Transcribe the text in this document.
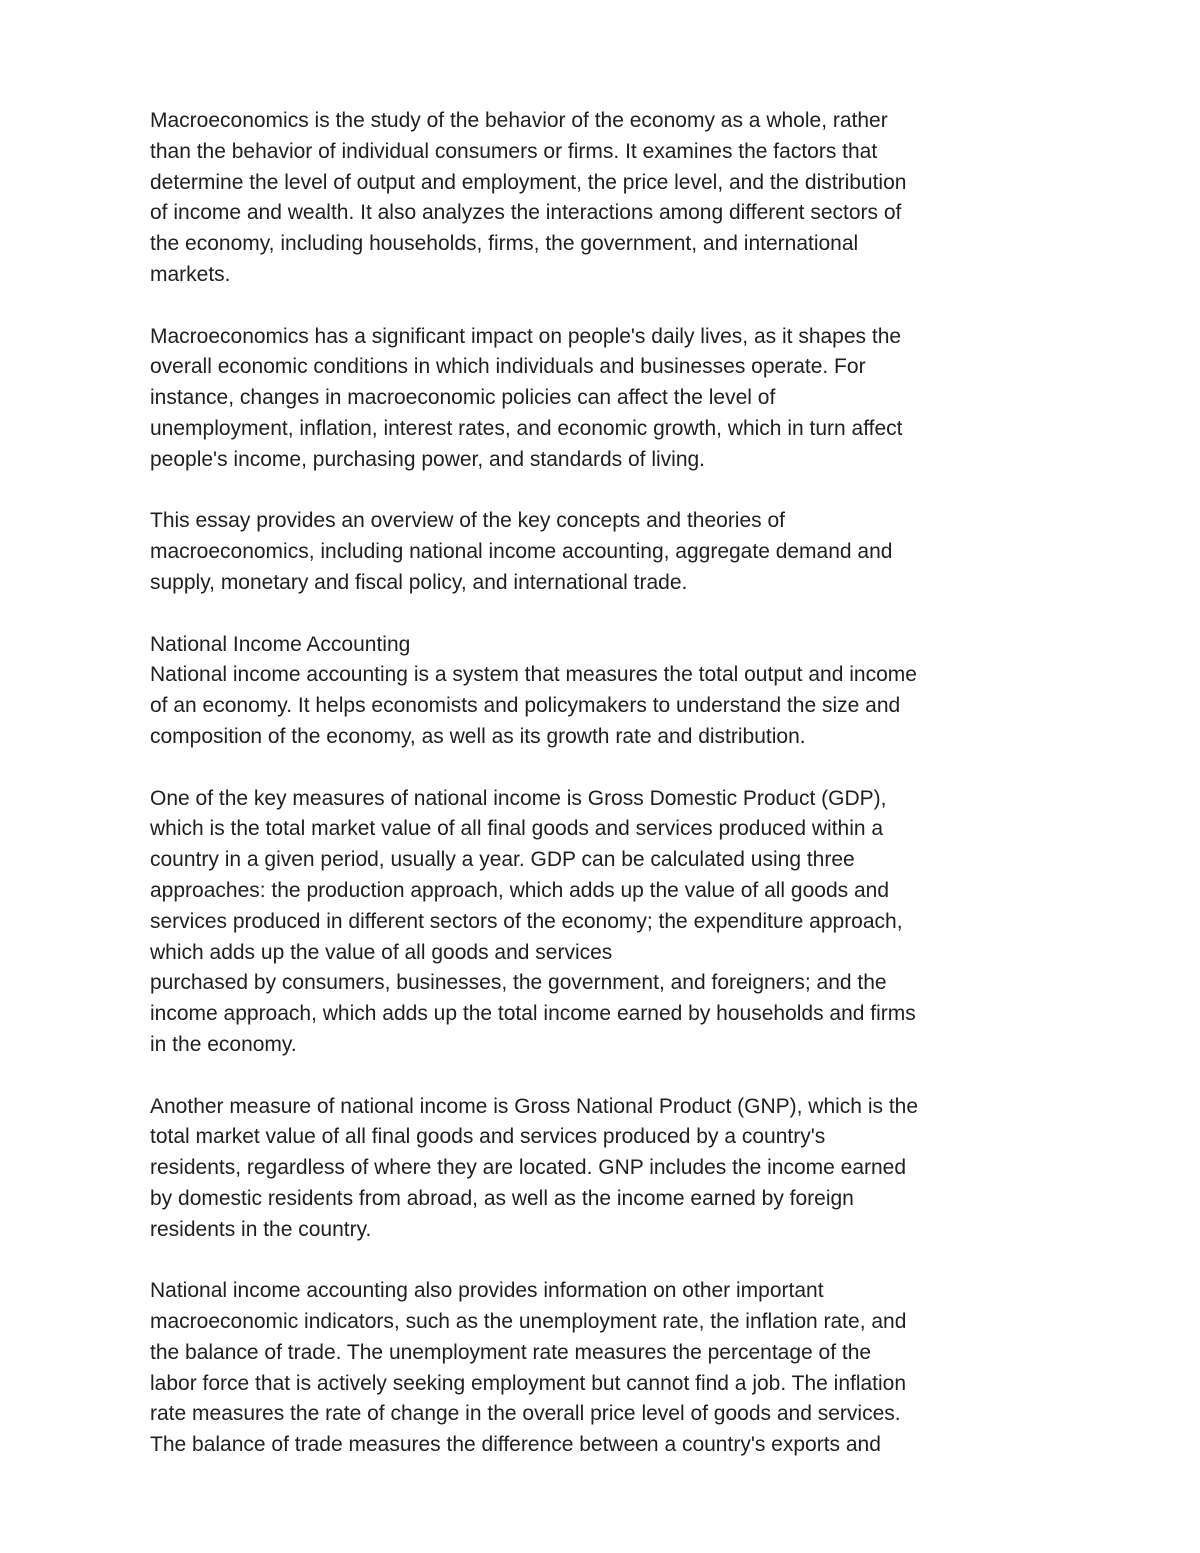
Macroeconomics is the study of the behavior of the economy as a whole, rather
than the behavior of individual consumers or firms. It examines the factors that
determine the level of output and employment, the price level, and the distribution
of income and wealth. It also analyzes the interactions among different sectors of
the economy, including households, firms, the government, and international
markets.
Macroeconomics has a significant impact on people's daily lives, as it shapes the
overall economic conditions in which individuals and businesses operate. For
instance, changes in macroeconomic policies can affect the level of
unemployment, inflation, interest rates, and economic growth, which in turn affect
people's income, purchasing power, and standards of living.
This essay provides an overview of the key concepts and theories of
macroeconomics, including national income accounting, aggregate demand and
supply, monetary and fiscal policy, and international trade.
National Income Accounting
National income accounting is a system that measures the total output and income
of an economy. It helps economists and policymakers to understand the size and
composition of the economy, as well as its growth rate and distribution.
One of the key measures of national income is Gross Domestic Product (GDP),
which is the total market value of all final goods and services produced within a
country in a given period, usually a year. GDP can be calculated using three
approaches: the production approach, which adds up the value of all goods and
services produced in different sectors of the economy; the expenditure approach,
which adds up the value of all goods and services
purchased by consumers, businesses, the government, and foreigners; and the
income approach, which adds up the total income earned by households and firms
in the economy.
Another measure of national income is Gross National Product (GNP), which is the
total market value of all final goods and services produced by a country's
residents, regardless of where they are located. GNP includes the income earned
by domestic residents from abroad, as well as the income earned by foreign
residents in the country.
National income accounting also provides information on other important
macroeconomic indicators, such as the unemployment rate, the inflation rate, and
the balance of trade. The unemployment rate measures the percentage of the
labor force that is actively seeking employment but cannot find a job. The inflation
rate measures the rate of change in the overall price level of goods and services.
The balance of trade measures the difference between a country's exports and
